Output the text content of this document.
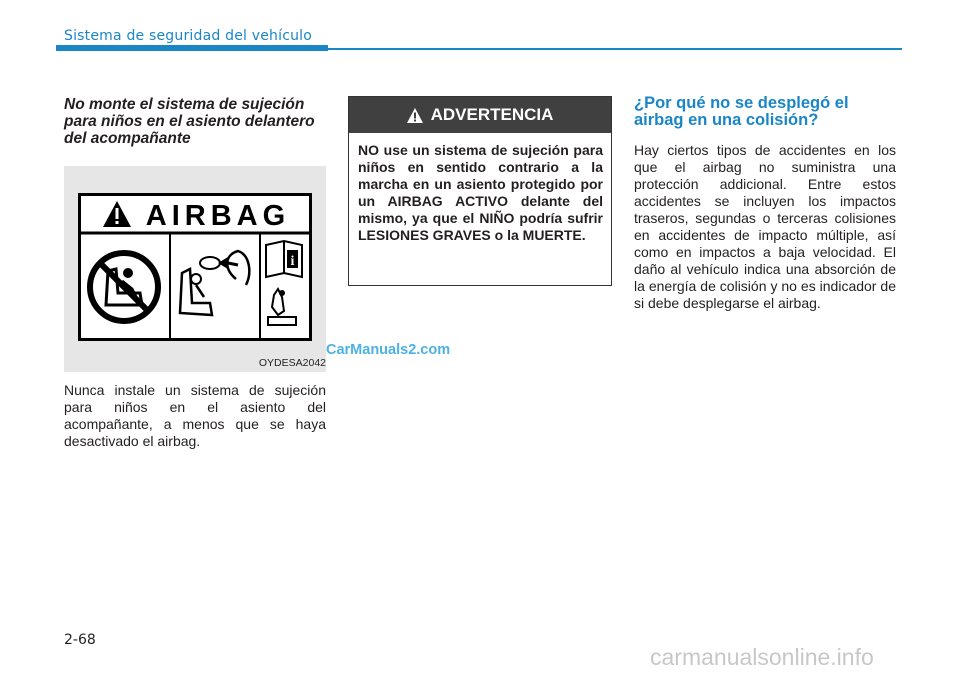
Sistema de seguridad del vehículo

No monte el sistema de sujeción para niños en el asiento delantero del acompañante

AIRBAG
i
OYDESA2042

Nunca instale un sistema de sujeción para niños en el asiento del acompañante, a menos que se haya desactivado el airbag.

CarManuals2.com
ADVERTENCIA
NO use un sistema de sujeción para niños en sentido contrario a la marcha en un asiento protegido por un AIRBAG ACTIVO delante del mismo, ya que el NIÑO podría sufrir LESIONES GRAVES o la MUERTE.

¿Por qué no se desplegó el airbag en una colisión?

Hay ciertos tipos de accidentes en los que el airbag no suministra una protección addicional. Entre estos accidentes se incluyen los impactos traseros, segundas o terceras colisiones en accidentes de impacto múltiple, así como en impactos a baja velocidad. El daño al vehículo indica una absorción de la energía de colisión y no es indicador de si debe desplegarse el airbag.

2-68
carmanualsonline.info
